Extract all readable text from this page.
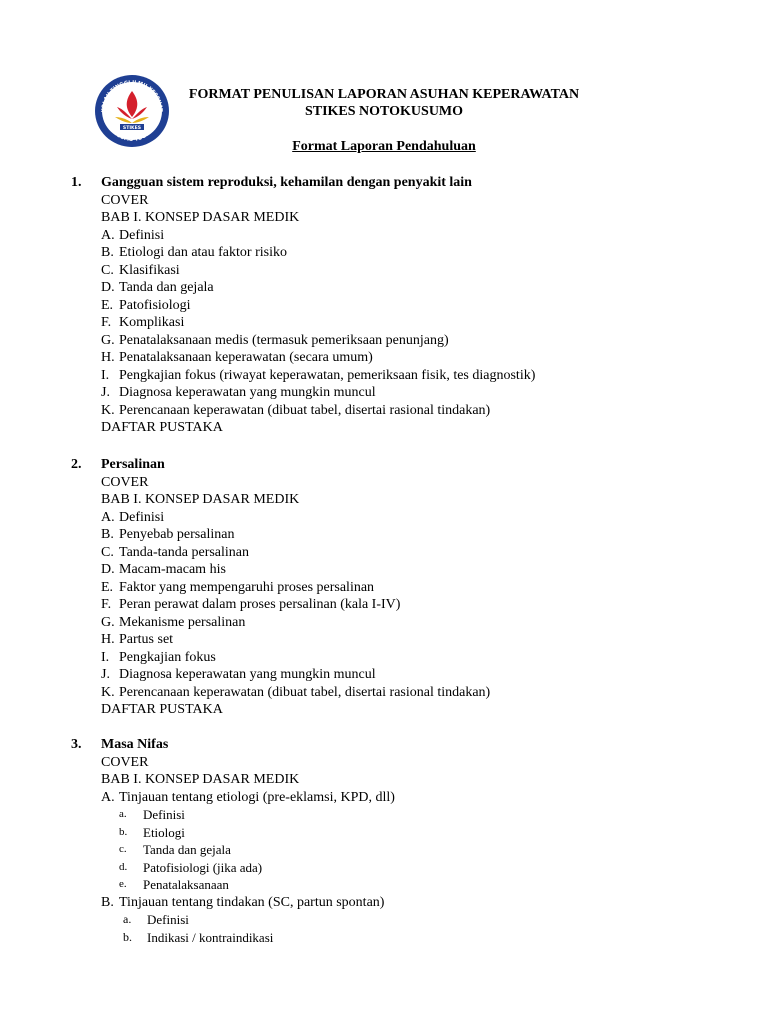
KOLAH TINGGI ILMU KESEHAT
NOTOKUSUMO YOGYAKARTA
STIKES
FORMAT PENULISAN LAPORAN ASUHAN KEPERAWATAN
STIKES NOTOKUSUMO
Format Laporan Pendahuluan
1. Gangguan sistem reproduksi, kehamilan dengan penyakit lain
COVER
BAB I. KONSEP DASAR MEDIK
A. Definisi
B. Etiologi dan atau faktor risiko
C. Klasifikasi
D. Tanda dan gejala
E. Patofisiologi
F. Komplikasi
G. Penatalaksanaan medis (termasuk pemeriksaan penunjang)
H. Penatalaksanaan keperawatan (secara umum)
I. Pengkajian fokus (riwayat keperawatan, pemeriksaan fisik, tes diagnostik)
J. Diagnosa keperawatan yang mungkin muncul
K. Perencanaan keperawatan (dibuat tabel, disertai rasional tindakan)
DAFTAR PUSTAKA
2. Persalinan
COVER
BAB I. KONSEP DASAR MEDIK
A. Definisi
B. Penyebab persalinan
C. Tanda-tanda persalinan
D. Macam-macam his
E. Faktor yang mempengaruhi proses persalinan
F. Peran perawat dalam proses persalinan (kala I-IV)
G. Mekanisme persalinan
H. Partus set
I. Pengkajian fokus
J. Diagnosa keperawatan yang mungkin muncul
K. Perencanaan keperawatan (dibuat tabel, disertai rasional tindakan)
DAFTAR PUSTAKA
3. Masa Nifas
COVER
BAB I. KONSEP DASAR MEDIK
A. Tinjauan tentang etiologi (pre-eklamsi, KPD, dll)
a. Definisi
b. Etiologi
c. Tanda dan gejala
d. Patofisiologi (jika ada)
e. Penatalaksanaan
B. Tinjauan tentang tindakan (SC, partun spontan)
a. Definisi
b. Indikasi / kontraindikasi
